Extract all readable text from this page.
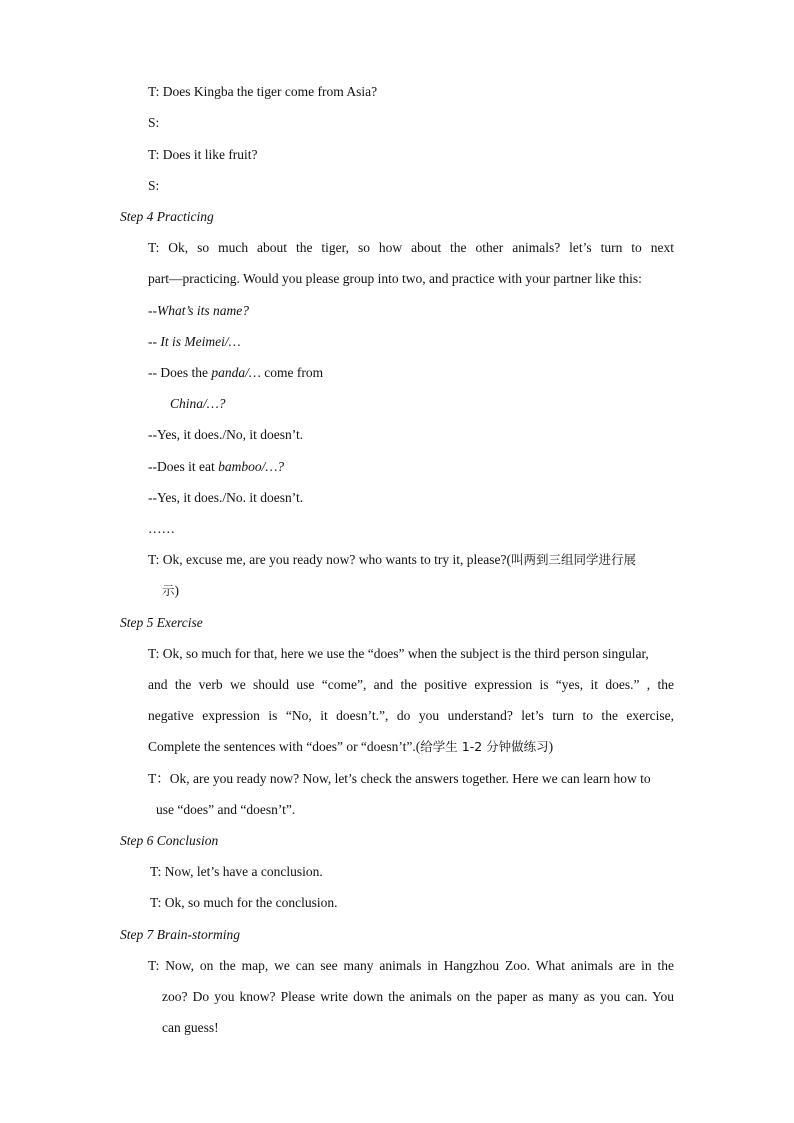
T: Does Kingba the tiger come from Asia?
S:
T: Does it like fruit?
S:
Step 4 Practicing
T: Ok, so much about the tiger, so how about the other animals? let’s turn to next
part—practicing. Would you please group into two, and practice with your partner like this:
--What’s its name?
-- It is Meimei/…
-- Does the panda/… come from
China/…?
--Yes, it does./No, it doesn’t.
--Does it eat bamboo/…?
--Yes, it does./No. it doesn’t.
……
T: Ok, excuse me, are you ready now? who wants to try it, please?(叫两到三组同学进行展
示)
Step 5 Exercise
T: Ok, so much for that, here we use the “does” when the subject is the third person singular,
and the verb we should use “come”, and the positive expression is “yes, it does.” , the
negative expression is “No, it doesn’t.”, do you understand? let’s turn to the exercise,
Complete the sentences with “does” or “doesn’t”.(给学生 1-2 分钟做练习)
T：Ok, are you ready now? Now, let’s check the answers together. Here we can learn how to
use “does” and “doesn’t”.
Step 6 Conclusion
T: Now, let’s have a conclusion.
T: Ok, so much for the conclusion.
Step 7 Brain-storming
T: Now, on the map, we can see many animals in Hangzhou Zoo. What animals are in the
zoo? Do you know? Please write down the animals on the paper as many as you can. You
can guess!
